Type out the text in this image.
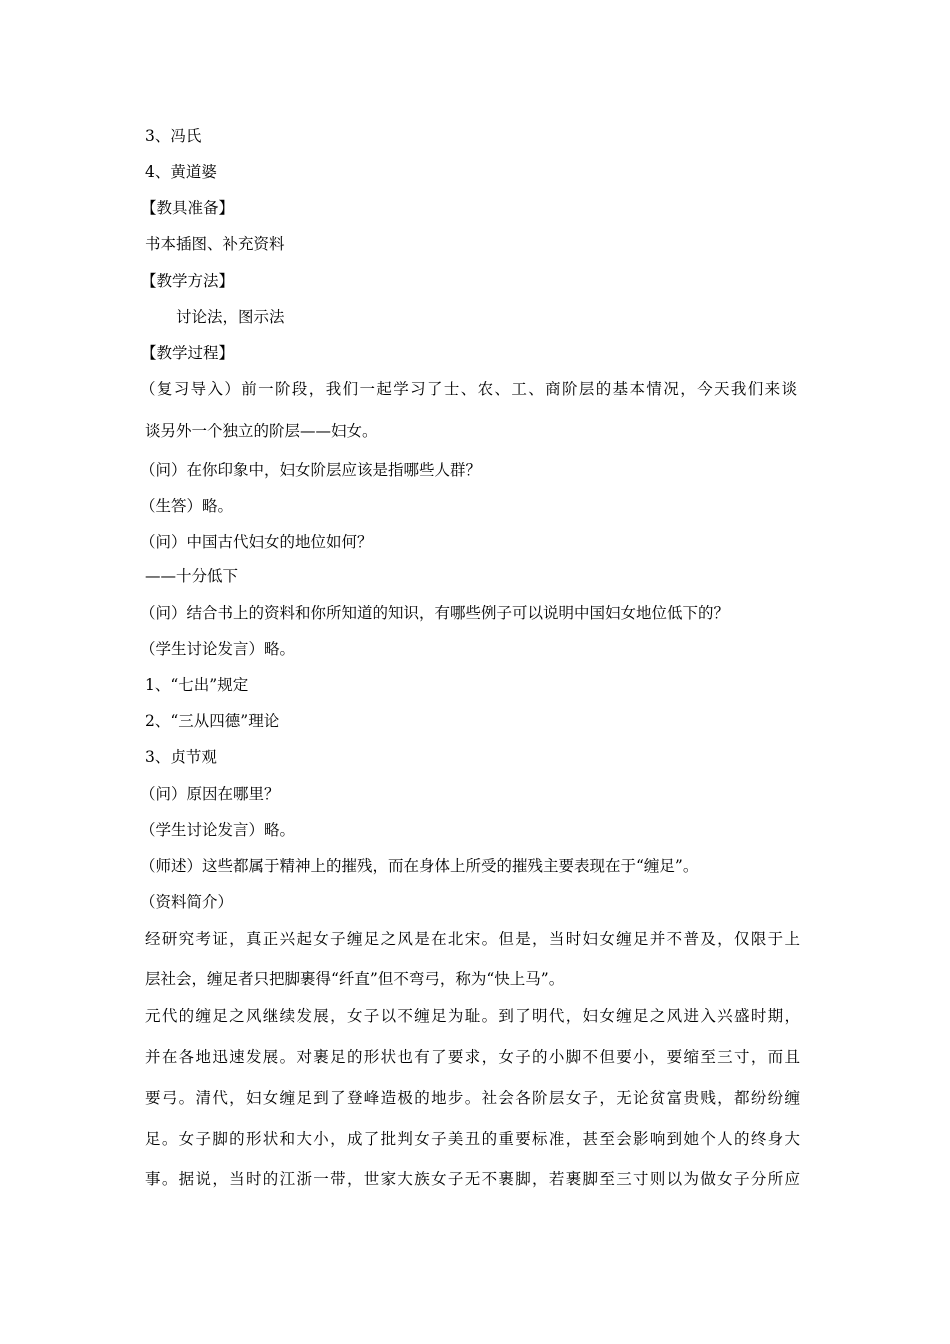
3、冯氏
4、黄道婆
【教具准备】
书本插图、补充资料
【教学方法】
讨论法，图示法
【教学过程】
（复习导入）前一阶段，我们一起学习了士、农、工、商阶层的基本情况，今天我们来谈
谈另外一个独立的阶层——妇女。
（问）在你印象中，妇女阶层应该是指哪些人群？
（生答）略。
（问）中国古代妇女的地位如何？
——十分低下
（问）结合书上的资料和你所知道的知识，有哪些例子可以说明中国妇女地位低下的？
（学生讨论发言）略。
1、“七出”规定
2、“三从四德”理论
3、贞节观
（问）原因在哪里？
（学生讨论发言）略。
（师述）这些都属于精神上的摧残，而在身体上所受的摧残主要表现在于“缠足”。
（资料简介）
经研究考证，真正兴起女子缠足之风是在北宋。但是，当时妇女缠足并不普及，仅限于上
层社会，缠足者只把脚裹得“纤直”但不弯弓，称为“快上马”。
元代的缠足之风继续发展，女子以不缠足为耻。到了明代，妇女缠足之风进入兴盛时期，
并在各地迅速发展。对裹足的形状也有了要求，女子的小脚不但要小，要缩至三寸，而且
要弓。清代，妇女缠足到了登峰造极的地步。社会各阶层女子，无论贫富贵贱，都纷纷缠
足。女子脚的形状和大小，成了批判女子美丑的重要标准，甚至会影响到她个人的终身大
事。据说，当时的江浙一带，世家大族女子无不裹脚，若裹脚至三寸则以为做女子分所应
